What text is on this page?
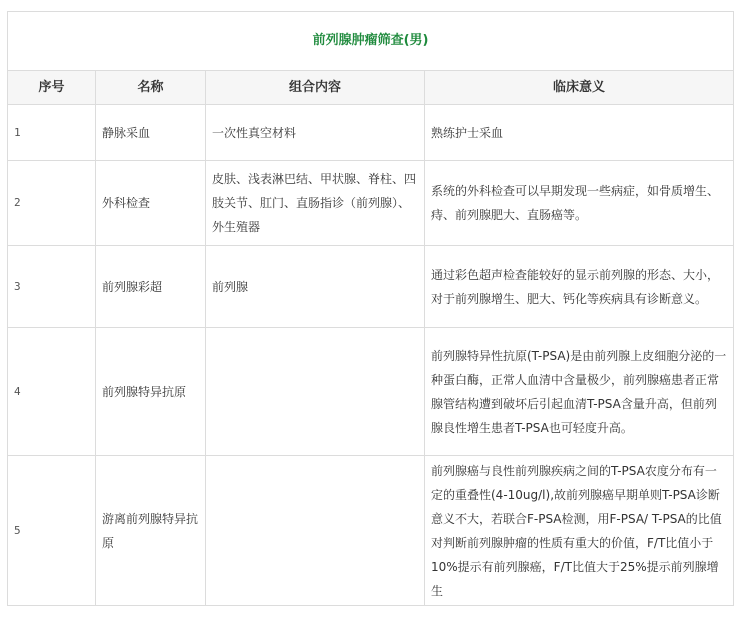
前列腺肿瘤筛查(男)			
序号	名称	组合内容	临床意义
1	静脉采血	一次性真空材料	熟练护士采血
2	外科检查	皮肤、浅表淋巴结、甲状腺、脊柱、四肢关节、肛门、直肠指诊（前列腺）、外生殖器	系统的外科检查可以早期发现一些病症，如骨质增生、痔、前列腺肥大、直肠癌等。
3	前列腺彩超	前列腺	通过彩色超声检查能较好的显示前列腺的形态、大小，对于前列腺增生、肥大、钙化等疾病具有诊断意义。
4	前列腺特异抗原		前列腺特异性抗原(T-PSA)是由前列腺上皮细胞分泌的一种蛋白酶，正常人血清中含量极少，前列腺癌患者正常腺管结构遭到破坏后引起血清T-PSA含量升高，但前列腺良性增生患者T-PSA也可轻度升高。
5	游离前列腺特异抗原		前列腺癌与良性前列腺疾病之间的T-PSA农度分布有一定的重叠性(4-10ug/l),故前列腺癌早期单则T-PSA诊断意义不大，若联合F-PSA检测，用F-PSA/ T-PSA的比值对判断前列腺肿瘤的性质有重大的价值，F/T比值小于10%提示有前列腺癌，F/T比值大于25%提示前列腺增生
